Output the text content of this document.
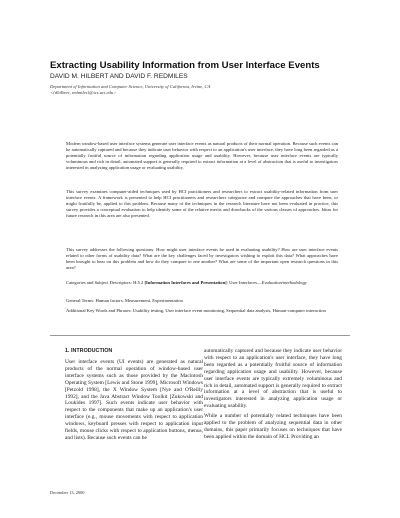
Extracting Usability Information from User Interface Events
DAVID M. HILBERT AND DAVID F. REDMILES
Department of Information and Computer Science, University of California, Irvine, CA
<{dhilbert, redmiles}@ics.uci.edu>

Modern window-based user interface systems generate user interface events as natural products of their normal operation. Because such events can be automatically captured and because they indicate user behavior with respect to an application's user interface, they have long been regarded as a potentially fruitful source of information regarding application usage and usability. However, because user interface events are typically voluminous and rich in detail, automated support is generally required to extract information at a level of abstraction that is useful to investigators interested in analyzing application usage or evaluating usability.

This survey examines computer-aided techniques used by HCI practitioners and researchers to extract usability-related information from user interface events. A framework is presented to help HCI practitioners and researchers categorize and compare the approaches that have been, or might fruitfully be, applied to this problem. Because many of the techniques in the research literature have not been evaluated in practice, this survey provides a conceptual evaluation to help identify some of the relative merits and drawbacks of the various classes of approaches. Ideas for future research in this area are also presented.

This survey addresses the following questions: How might user interface events be used in evaluating usability? How are user interface events related to other forms of usability data? What are the key challenges faced by investigators wishing to exploit this data? What approaches have been brought to bear on this problem and how do they compare to one another? What are some of the important open research questions in this area?

Categories and Subject Descriptors: H.5.2 [Information Interfaces and Presentation]: User Interfaces—Evaluation/methodology
General Terms: Human factors, Measurement, Experimentation
Additional Key Words and Phrases: Usability testing, User interface event monitoring, Sequential data analysis, Human-computer interaction
1. INTRODUCTION

User interface events (UI events) are generated as natural products of the normal operation of window-based user interface systems such as those provided by the Macintosh Operating System [Lewis and Stone 1999], Microsoft Windows [Petzold 1998], the X Window System [Nye and O'Reilly 1992], and the Java Abstract Window Toolkit [Zukowski and Loukides 1997]. Such events indicate user behavior with respect to the components that make up an application's user interface (e.g., mouse movements with respect to application windows, keyboard presses with respect to application input fields, mouse clicks with respect to application buttons, menus, and lists). Because such events can be

automatically captured and because they indicate user behavior with respect to an application's user interface, they have long been regarded as a potentially fruitful source of information regarding application usage and usability. However, because user interface events are typically extremely voluminous and rich in detail, automated support is generally required to extract information at a level of abstraction that is useful to investigators interested in analyzing application usage or evaluating usability.

While a number of potentially related techniques have been applied to the problem of analyzing sequential data in other domains, this paper primarily focuses on techniques that have been applied within the domain of HCI. Providing an

December 13, 2000
